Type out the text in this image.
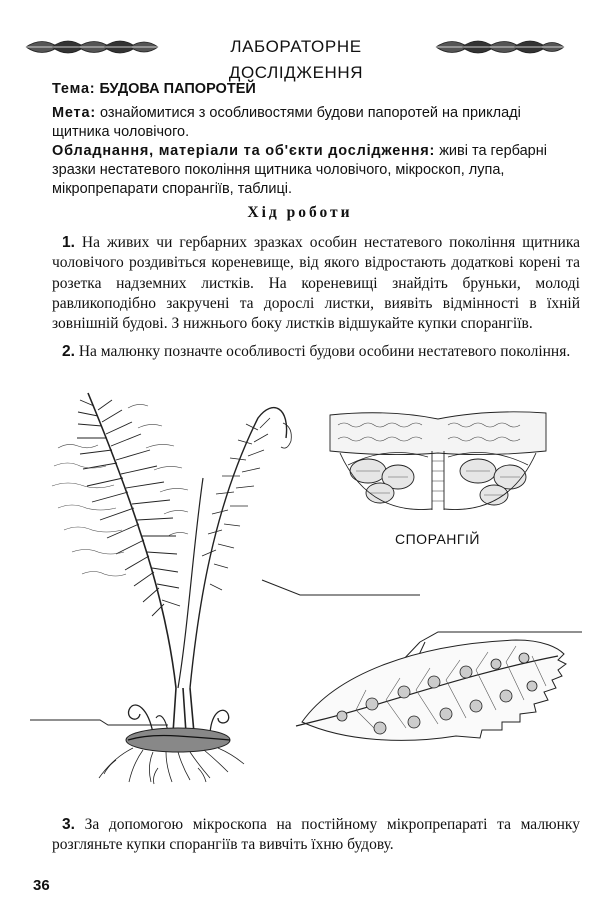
ЛАБОРАТОРНЕ ДОСЛІДЖЕННЯ

Тема: БУДОВА ПАПОРОТЕЙ

Мета: ознайомитися з особливостями будови папоротей на прикладі щитника чоловічого.

Обладнання, матеріали та об'єкти дослідження: живі та гербарні зразки нестатевого покоління щитника чоловічого, мікроскоп, лупа, мікропрепарати спорангіїв, таблиці.

Хід роботи

1. На живих чи гербарних зразках особин нестатевого покоління щитника чоловічого роздивіться кореневище, від якого відростають додаткові корені та розетка надземних листків. На кореневищі знайдіть бруньки, молоді равликоподібно закручені та дорослі листки, виявіть відмінності в їхній зовнішній будові. З нижнього боку листків відшукайте купки спорангіїв.

2. На малюнку позначте особливості будови особини нестатевого покоління.

СПОРАНГІЙ

3. За допомогою мікроскопа на постійному мікропрепараті та малюнку розгляньте купки спорангіїв та вивчіть їхню будову.

36
